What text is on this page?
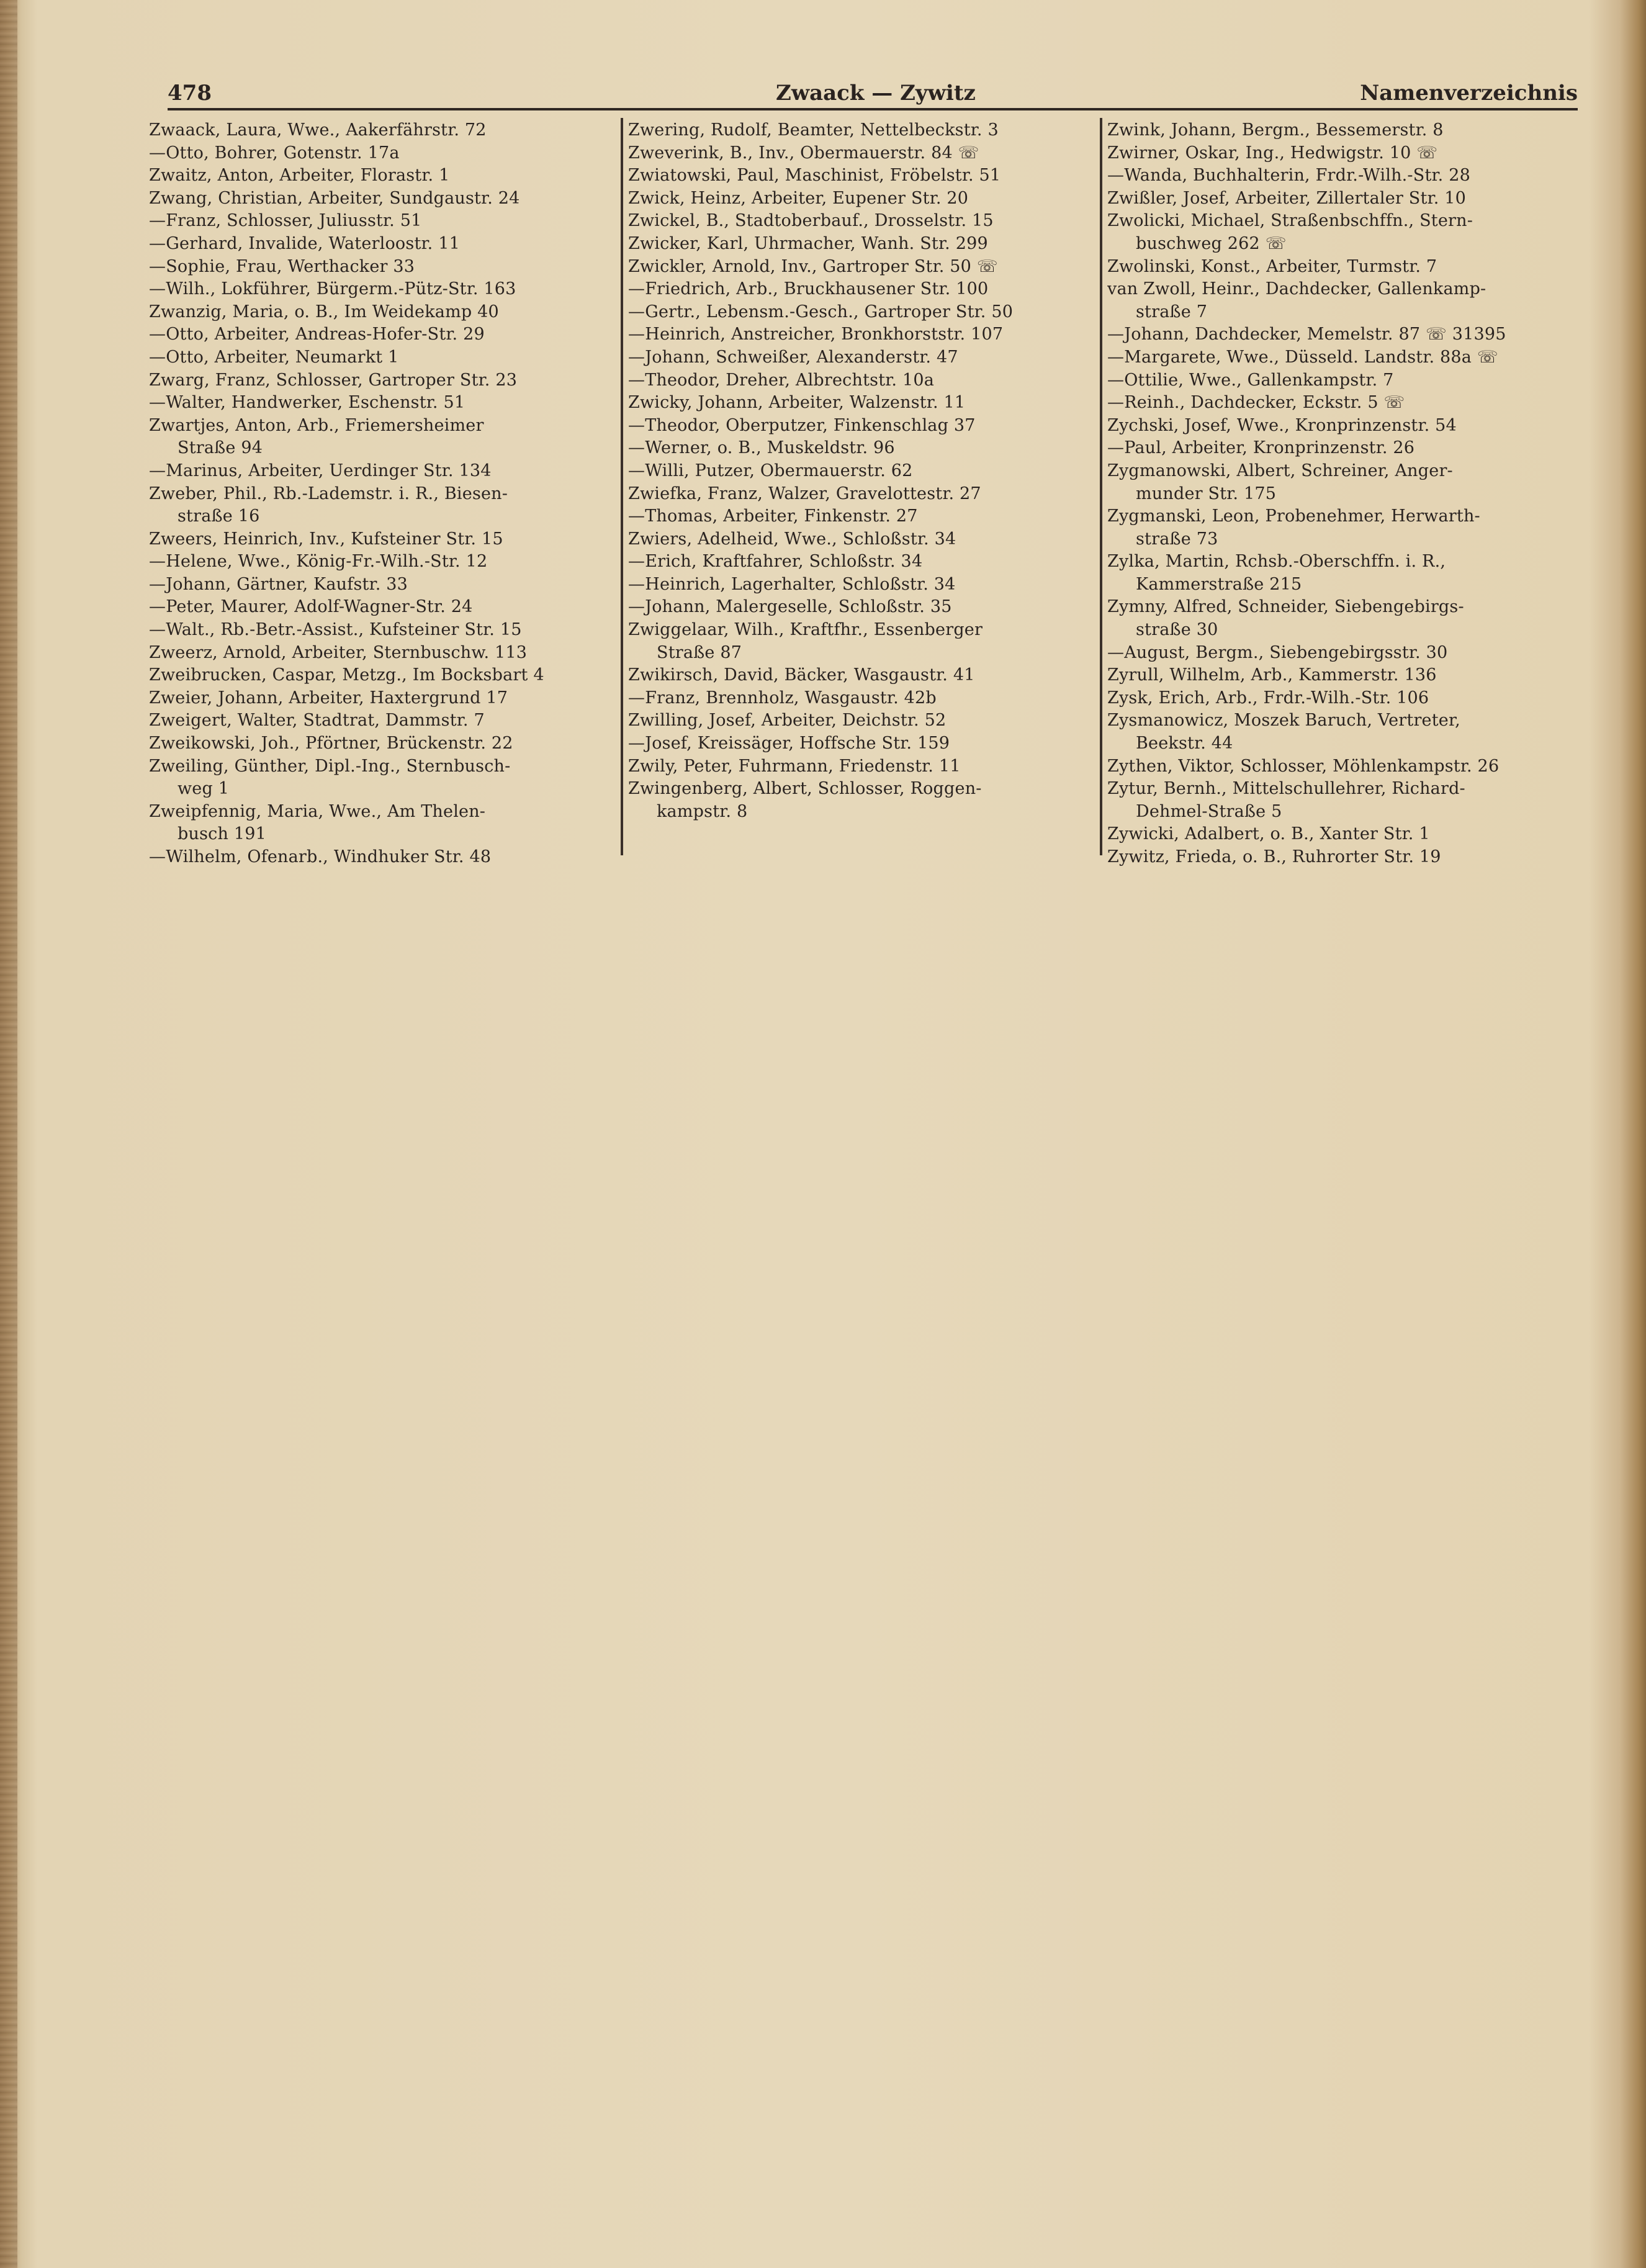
478	Zwaack — Zywitz	Namenverzeichnis
Zwaack, Laura, Wwe., Aakerfährstr. 72
—Otto, Bohrer, Gotenstr. 17a
Zwaitz, Anton, Arbeiter, Florastr. 1
Zwang, Christian, Arbeiter, Sundgaustr. 24
—Franz, Schlosser, Juliusstr. 51
—Gerhard, Invalide, Waterloostr. 11
—Sophie, Frau, Werthacker 33
—Wilh., Lokführer, Bürgerm.-Pütz-Str. 163
Zwanzig, Maria, o. B., Im Weidekamp 40
—Otto, Arbeiter, Andreas-Hofer-Str. 29
—Otto, Arbeiter, Neumarkt 1
Zwarg, Franz, Schlosser, Gartroper Str. 23
—Walter, Handwerker, Eschenstr. 51
Zwartjes, Anton, Arb., Friemersheimer
Straße 94
—Marinus, Arbeiter, Uerdinger Str. 134
Zweber, Phil., Rb.-Lademstr. i. R., Biesen-
straße 16
Zweers, Heinrich, Inv., Kufsteiner Str. 15
—Helene, Wwe., König-Fr.-Wilh.-Str. 12
—Johann, Gärtner, Kaufstr. 33
—Peter, Maurer, Adolf-Wagner-Str. 24
—Walt., Rb.-Betr.-Assist., Kufsteiner Str. 15
Zweerz, Arnold, Arbeiter, Sternbuschw. 113
Zweibrucken, Caspar, Metzg., Im Bocksbart 4
Zweier, Johann, Arbeiter, Haxtergrund 17
Zweigert, Walter, Stadtrat, Dammstr. 7
Zweikowski, Joh., Pförtner, Brückenstr. 22
Zweiling, Günther, Dipl.-Ing., Sternbusch-
weg 1
Zweipfennig, Maria, Wwe., Am Thelen-
busch 191
—Wilhelm, Ofenarb., Windhuker Str. 48
Zwering, Rudolf, Beamter, Nettelbeckstr. 3
Zweverink, B., Inv., Obermauerstr. 84 ☏
Zwiatowski, Paul, Maschinist, Fröbelstr. 51
Zwick, Heinz, Arbeiter, Eupener Str. 20
Zwickel, B., Stadtoberbauf., Drosselstr. 15
Zwicker, Karl, Uhrmacher, Wanh. Str. 299
Zwickler, Arnold, Inv., Gartroper Str. 50 ☏
—Friedrich, Arb., Bruckhausener Str. 100
—Gertr., Lebensm.-Gesch., Gartroper Str. 50
—Heinrich, Anstreicher, Bronkhorststr. 107
—Johann, Schweißer, Alexanderstr. 47
—Theodor, Dreher, Albrechtstr. 10a
Zwicky, Johann, Arbeiter, Walzenstr. 11
—Theodor, Oberputzer, Finkenschlag 37
—Werner, o. B., Muskeldstr. 96
—Willi, Putzer, Obermauerstr. 62
Zwiefka, Franz, Walzer, Gravelottestr. 27
—Thomas, Arbeiter, Finkenstr. 27
Zwiers, Adelheid, Wwe., Schloßstr. 34
—Erich, Kraftfahrer, Schloßstr. 34
—Heinrich, Lagerhalter, Schloßstr. 34
—Johann, Malergeselle, Schloßstr. 35
Zwiggelaar, Wilh., Kraftfhr., Essenberger
Straße 87
Zwikirsch, David, Bäcker, Wasgaustr. 41
—Franz, Brennholz, Wasgaustr. 42b
Zwilling, Josef, Arbeiter, Deichstr. 52
—Josef, Kreissäger, Hoffsche Str. 159
Zwily, Peter, Fuhrmann, Friedenstr. 11
Zwingenberg, Albert, Schlosser, Roggen-
kampstr. 8
Zwink, Johann, Bergm., Bessemerstr. 8
Zwirner, Oskar, Ing., Hedwigstr. 10 ☏
—Wanda, Buchhalterin, Frdr.-Wilh.-Str. 28
Zwißler, Josef, Arbeiter, Zillertaler Str. 10
Zwolicki, Michael, Straßenbschffn., Stern-
buschweg 262 ☏
Zwolinski, Konst., Arbeiter, Turmstr. 7
van Zwoll, Heinr., Dachdecker, Gallenkamp-
straße 7
—Johann, Dachdecker, Memelstr. 87 ☏ 31395
—Margarete, Wwe., Düsseld. Landstr. 88a ☏
—Ottilie, Wwe., Gallenkampstr. 7
—Reinh., Dachdecker, Eckstr. 5 ☏
Zychski, Josef, Wwe., Kronprinzenstr. 54
—Paul, Arbeiter, Kronprinzenstr. 26
Zygmanowski, Albert, Schreiner, Anger-
munder Str. 175
Zygmanski, Leon, Probenehmer, Herwarth-
straße 73
Zylka, Martin, Rchsb.-Oberschffn. i. R.,
Kammerstraße 215
Zymny, Alfred, Schneider, Siebengebirgs-
straße 30
—August, Bergm., Siebengebirgsstr. 30
Zyrull, Wilhelm, Arb., Kammerstr. 136
Zysk, Erich, Arb., Frdr.-Wilh.-Str. 106
Zysmanowicz, Moszek Baruch, Vertreter,
Beekstr. 44
Zythen, Viktor, Schlosser, Möhlenkampstr. 26
Zytur, Bernh., Mittelschullehrer, Richard-
Dehmel-Straße 5
Zywicki, Adalbert, o. B., Xanter Str. 1
Zywitz, Frieda, o. B., Ruhrorter Str. 19
